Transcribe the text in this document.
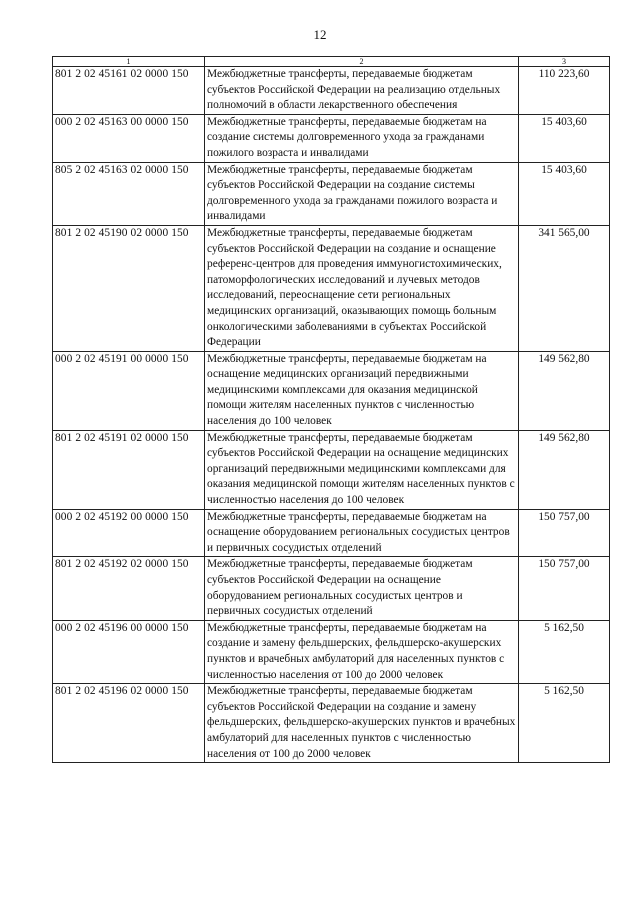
12
1	2	3
801 2 02 45161 02 0000 150	Межбюджетные трансферты, передаваемые бюджетам субъектов Российской Федерации на реализацию отдельных полномочий в области лекарственного обеспечения	110 223,60
000 2 02 45163 00 0000 150	Межбюджетные трансферты, передаваемые бюджетам на создание системы долговременного ухода за гражданами пожилого возраста и инвалидами	15 403,60
805 2 02 45163 02 0000 150	Межбюджетные трансферты, передаваемые бюджетам субъектов Российской Федерации на создание системы долговременного ухода за гражданами пожилого возраста и инвалидами	15 403,60
801 2 02 45190 02 0000 150	Межбюджетные трансферты, передаваемые бюджетам субъектов Российской Федерации на создание и оснащение референс-центров для проведения иммуногистохимических, патоморфологических исследований и лучевых методов исследований, переоснащение сети региональных медицинских организаций, оказывающих помощь больным онкологическими заболеваниями в субъектах Российской Федерации	341 565,00
000 2 02 45191 00 0000 150	Межбюджетные трансферты, передаваемые бюджетам на оснащение медицинских организаций передвижными медицинскими комплексами для оказания медицинской помощи жителям населенных пунктов с численностью населения до 100 человек	149 562,80
801 2 02 45191 02 0000 150	Межбюджетные трансферты, передаваемые бюджетам субъектов Российской Федерации на оснащение медицинских организаций передвижными медицинскими комплексами для оказания медицинской помощи жителям населенных пунктов с численностью населения до 100 человек	149 562,80
000 2 02 45192 00 0000 150	Межбюджетные трансферты, передаваемые бюджетам на оснащение оборудованием региональных сосудистых центров и первичных сосудистых отделений	150 757,00
801 2 02 45192 02 0000 150	Межбюджетные трансферты, передаваемые бюджетам субъектов Российской Федерации на оснащение оборудованием региональных сосудистых центров и первичных сосудистых отделений	150 757,00
000 2 02 45196 00 0000 150	Межбюджетные трансферты, передаваемые бюджетам на создание и замену фельдшерских, фельдшерско-акушерских пунктов и врачебных амбулаторий для населенных пунктов с численностью населения от 100 до 2000 человек	5 162,50
801 2 02 45196 02 0000 150	Межбюджетные трансферты, передаваемые бюджетам субъектов Российской Федерации на создание и замену фельдшерских, фельдшерско-акушерских пунктов и врачебных амбулаторий для населенных пунктов с численностью населения от 100 до 2000 человек	5 162,50
